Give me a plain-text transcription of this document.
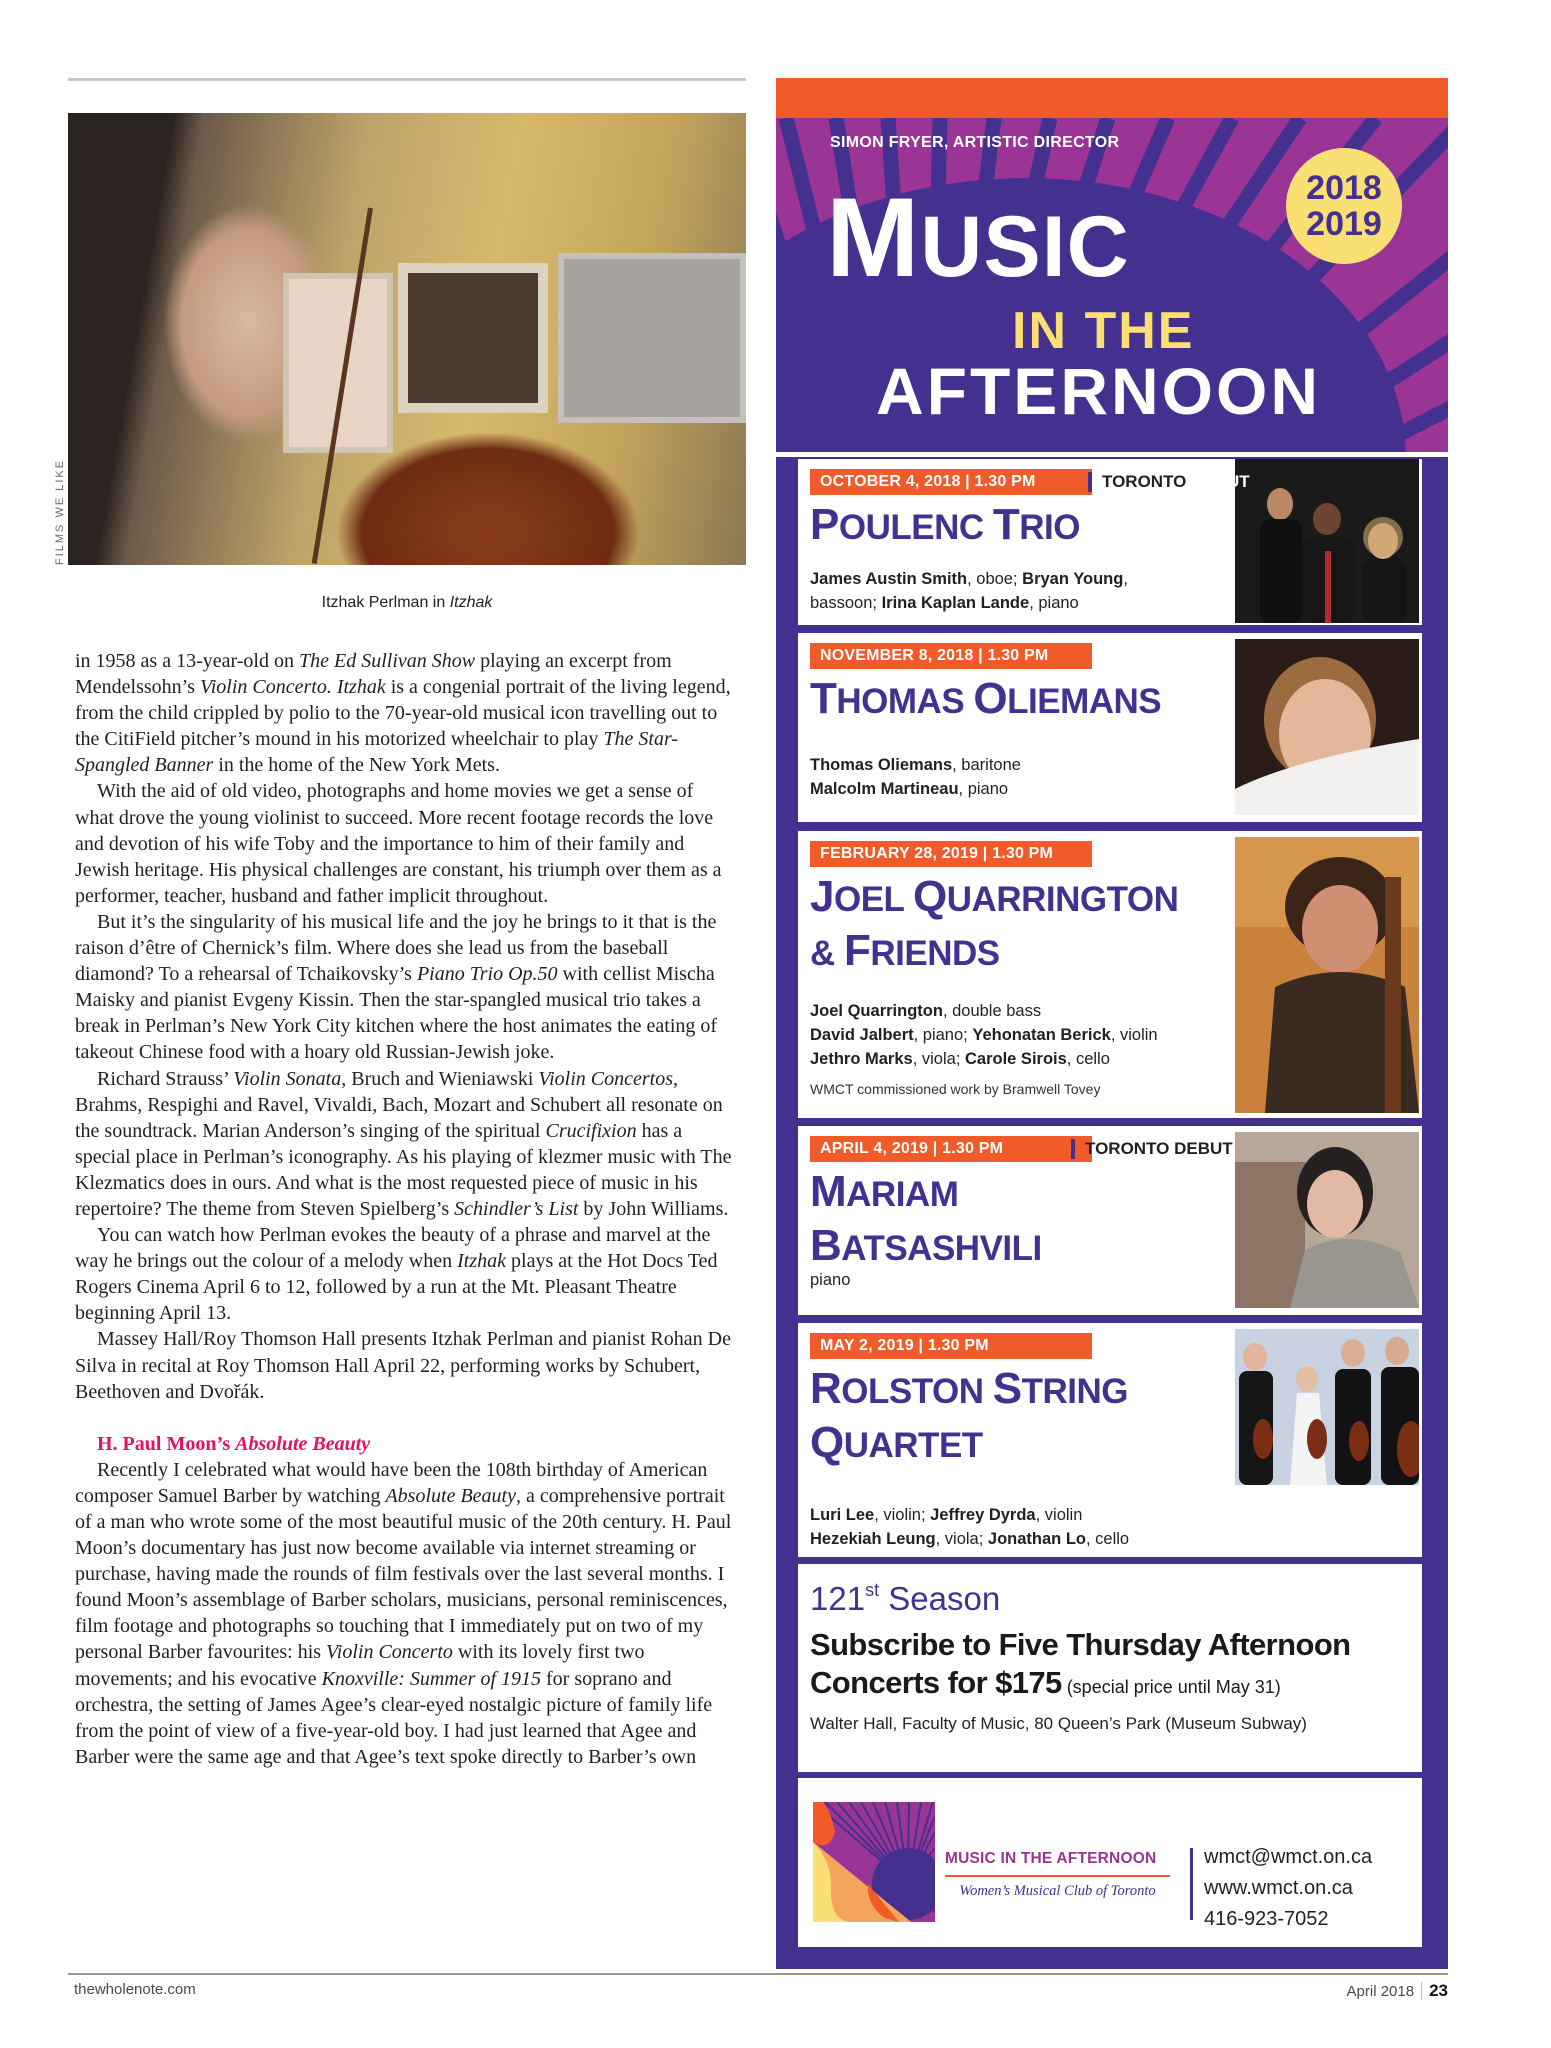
FILMS WE LIKE
Itzhak Perlman in Itzhak

in 1958 as a 13-year-old on The Ed Sullivan Show playing an excerpt from Mendelssohn’s Violin Concerto. Itzhak is a congenial portrait of the living legend, from the child crippled by polio to the 70-year-old musical icon travelling out to the CitiField pitcher’s mound in his motorized wheelchair to play The Star-Spangled Banner in the home of the New York Mets.

With the aid of old video, photographs and home movies we get a sense of what drove the young violinist to succeed. More recent footage records the love and devotion of his wife Toby and the importance to him of their family and Jewish heritage. His physical challenges are constant, his triumph over them as a performer, teacher, husband and father implicit throughout.

But it’s the singularity of his musical life and the joy he brings to it that is the raison d’être of Chernick’s film. Where does she lead us from the baseball diamond? To a rehearsal of Tchaikovsky’s Piano Trio Op.50 with cellist Mischa Maisky and pianist Evgeny Kissin. Then the star-spangled musical trio takes a break in Perlman’s New York City kitchen where the host animates the eating of takeout Chinese food with a hoary old Russian-Jewish joke.

Richard Strauss’ Violin Sonata, Bruch and Wieniawski Violin Concertos, Brahms, Respighi and Ravel, Vivaldi, Bach, Mozart and Schubert all resonate on the soundtrack. Marian Anderson’s singing of the spiritual Crucifixion has a special place in Perlman’s iconography. As his playing of klezmer music with The Klezmatics does in ours. And what is the most requested piece of music in his repertoire? The theme from Steven Spielberg’s Schindler’s List by John Williams.

You can watch how Perlman evokes the beauty of a phrase and marvel at the way he brings out the colour of a melody when Itzhak plays at the Hot Docs Ted Rogers Cinema April 6 to 12, followed by a run at the Mt. Pleasant Theatre beginning April 13.

Massey Hall/Roy Thomson Hall presents Itzhak Perlman and pianist Rohan De Silva in recital at Roy Thomson Hall April 22, performing works by Schubert, Beethoven and Dvořák.

H. Paul Moon’s Absolute Beauty

Recently I celebrated what would have been the 108th birthday of American composer Samuel Barber by watching Absolute Beauty, a comprehensive portrait of a man who wrote some of the most beautiful music of the 20th century. H. Paul Moon’s documentary has just now become available via internet streaming or purchase, having made the rounds of film festivals over the last several months. I found Moon’s assemblage of Barber scholars, musicians, personal reminiscences, film footage and photographs so touching that I immediately put on two of my personal Barber favourites: his Violin Concerto with its lovely first two movements; and his evocative Knoxville: Summer of 1915 for soprano and orchestra, the setting of James Agee’s clear-eyed nostalgic picture of family life from the point of view of a five-year-old boy. I had just learned that Agee and Barber were the same age and that Agee’s text spoke directly to Barber’s own

thewholenote.com	April 2018 23
SIMON FRYER, ARTISTIC DIRECTOR
2018
2019
MUSIC
IN THE
AFTERNOON
OCTOBER 4, 2018 | 1.30 PM	TORONTO DEBUT
POULENC TRIO
James Austin Smith, oboe; Bryan Young,
bassoon; Irina Kaplan Lande, piano
NOVEMBER 8, 2018 | 1.30 PM
THOMAS OLIEMANS
Thomas Oliemans, baritone
Malcolm Martineau, piano
FEBRUARY 28, 2019 | 1.30 PM
JOEL QUARRINGTON
& FRIENDS
Joel Quarrington, double bass
David Jalbert, piano; Yehonatan Berick, violin
Jethro Marks, viola; Carole Sirois, cello
WMCT commissioned work by Bramwell Tovey
APRIL 4, 2019 | 1.30 PM	TORONTO DEBUT
MARIAM
BATSASHVILI
piano
MAY 2, 2019 | 1.30 PM
ROLSTON STRING
QUARTET
Luri Lee, violin; Jeffrey Dyrda, violin
Hezekiah Leung, viola; Jonathan Lo, cello
121st Season
Subscribe to Five Thursday Afternoon
Concerts for $175 (special price until May 31)
Walter Hall, Faculty of Music, 80 Queen’s Park (Museum Subway)
MUSIC IN THE AFTERNOON
Women’s Musical Club of Toronto
wmct@wmct.on.ca
www.wmct.on.ca
416-923-7052
